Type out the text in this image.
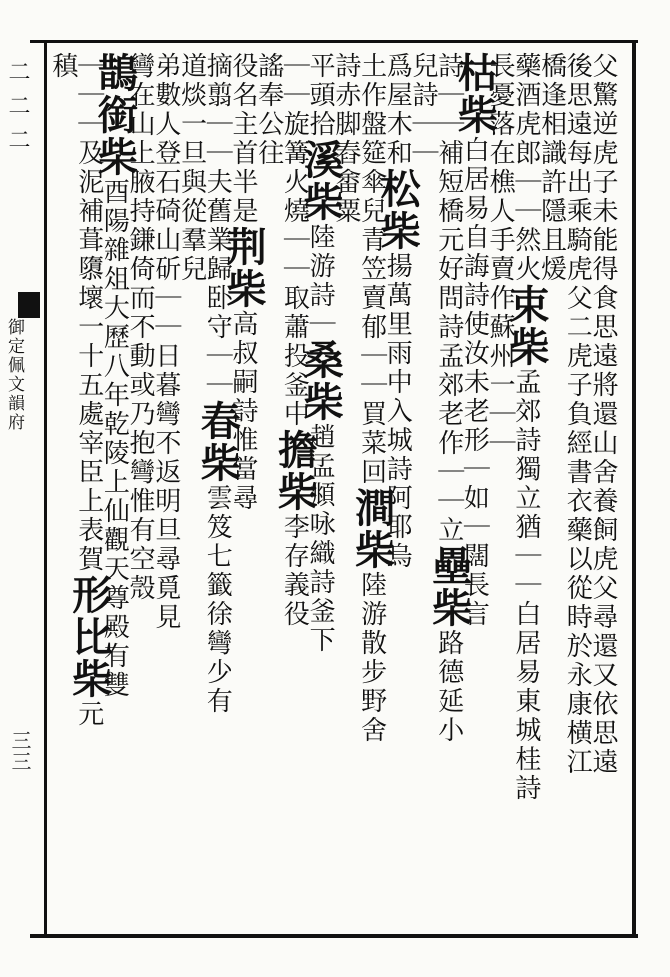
二二二
御定佩文韻府
三三	父驚逆虎子未能得食思遠將還山舍養飼虎父尋還又依思遠
後思遠每出乘騎虎父二虎子負經書衣藥以從時於永康横江
橋逢相識許隱且煖
藥酒虎郎｜｜然火束柴孟郊詩獨立猶｜｜白居易東城桂詩
長憂落在樵人手賣作蘇州一｜｜
枯柴白居易自誨詩使汝未老形｜如｜闊長言
詩｜｜補短橋元好問詩孟郊老作｜｜立壘柴路德延小
兒詩｜｜
爲屋木和松柴揚萬里雨中入城詩阿耶烏
土作盤筵傘兒青笠賣郁｜｜買菜回澗柴陸游散步野舍
詩赤脚舂畬粟
平頭拾溪柴陸游詩｜桑柴趙孟頫咏織詩釜下
｜｜旋篝火燒｜｜取蕭投釜中擔柴李存義役
謠奉公往
役名主首半是荆柴高叔嗣詩惟當尋
摘翦｜｜夫舊業歸卧守｜｜春柴雲笈七籤徐彎少有
道㷋一旦與從羣兒
弟數人登石碕山斫｜｜日暮彎不返明旦尋覓見
彎在山上腋持鎌倚而不動或乃抱彎惟有空殼
鵲銜柴酉陽雜俎大歷八年乾陵上仙觀天尊殿有雙
｜｜｜及泥補葺隳壞一十五處宰臣上表賀形比柴元
稹
